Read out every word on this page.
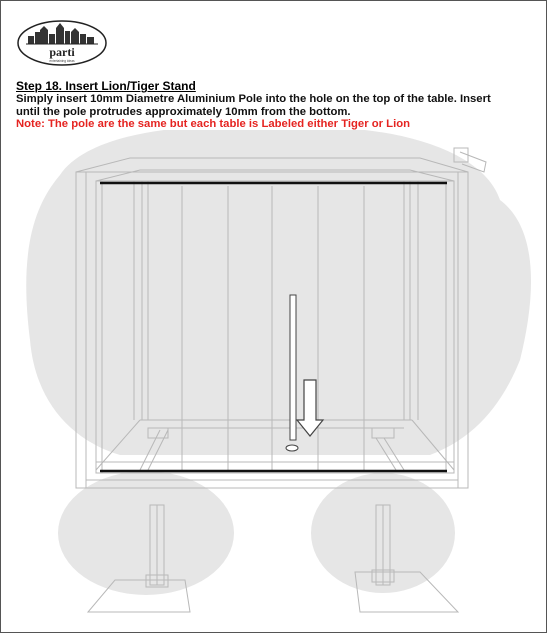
parti
entertaining ideas
Step 18. Insert Lion/Tiger Stand
Simply insert 10mm Diametre Aluminium Pole into the hole on the top of the table. Insert
until the pole protrudes approximately 10mm from the bottom.
Note: The pole are the same but each table is Labeled either Tiger or Lion
